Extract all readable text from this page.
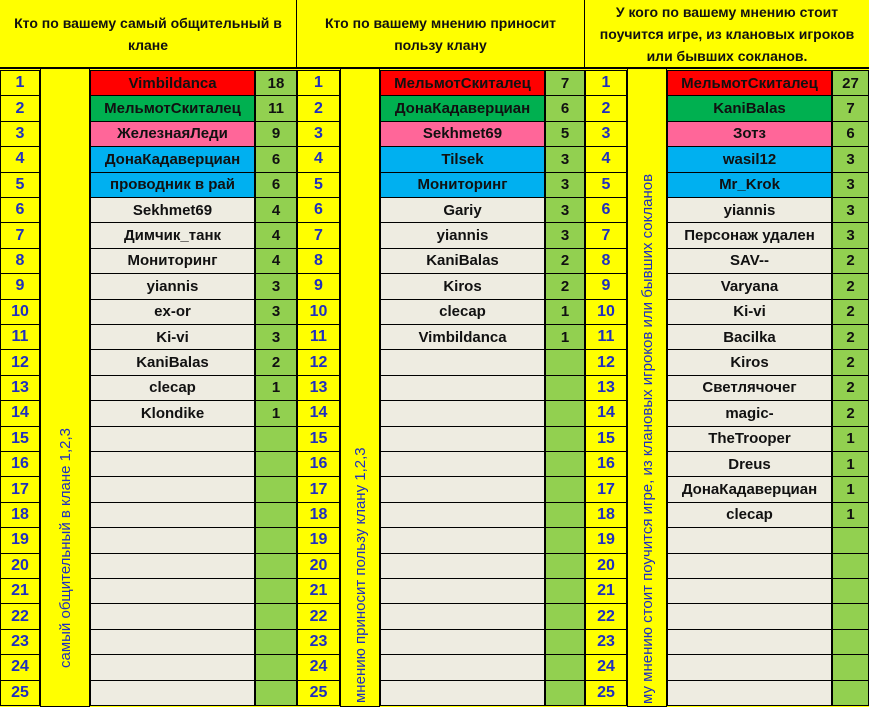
Кто по вашему самый общительный в клане
Кто по вашему мнению приносит пользу клану
У кого по вашему мнению стоит поучится игре, из клановых игроков или бывших сокланов.
самый общительный в клане 1,2,3	мнению приносит пользу клану 1,2,3	му мнению стоит поучится игре, из клановых игроков или бывших сокланов
1	Vimbildanca	18
2	МельмотСкиталец	11
3	ЖелезнаяЛеди	9
4	ДонаКадаверциан	6
5	проводник в рай	6
6	Sekhmet69	4
7	Димчик_танк	4
8	Мониторинг	4
9	yiannis	3
10	ex-or	3
11	Ki-vi	3
12	KaniBalas	2
13	clecap	1
14	Klondike	1
15
16
17
18
19
20
21
22
23
24
25
1	МельмотСкиталец	7
2	ДонаКадаверциан	6
3	Sekhmet69	5
4	Tilsek	3
5	Мониторинг	3
6	Gariy	3
7	yiannis	3
8	KaniBalas	2
9	Kiros	2
10	clecap	1
11	Vimbildanca	1
12
13
14
15
16
17
18
19
20
21
22
23
24
25
1	МельмотСкиталец	27
2	KaniBalas	7
3	Зотз	6
4	wasil12	3
5	Mr_Krok	3
6	yiannis	3
7	Персонаж удален	3
8	SAV--	2
9	Varyana	2
10	Ki-vi	2
11	Bacilka	2
12	Kiros	2
13	Светлячочег	2
14	magic-	2
15	TheTrooper	1
16	Dreus	1
17	ДонаКадаверциан	1
18	clecap	1
19
20
21
22
23
24
25
